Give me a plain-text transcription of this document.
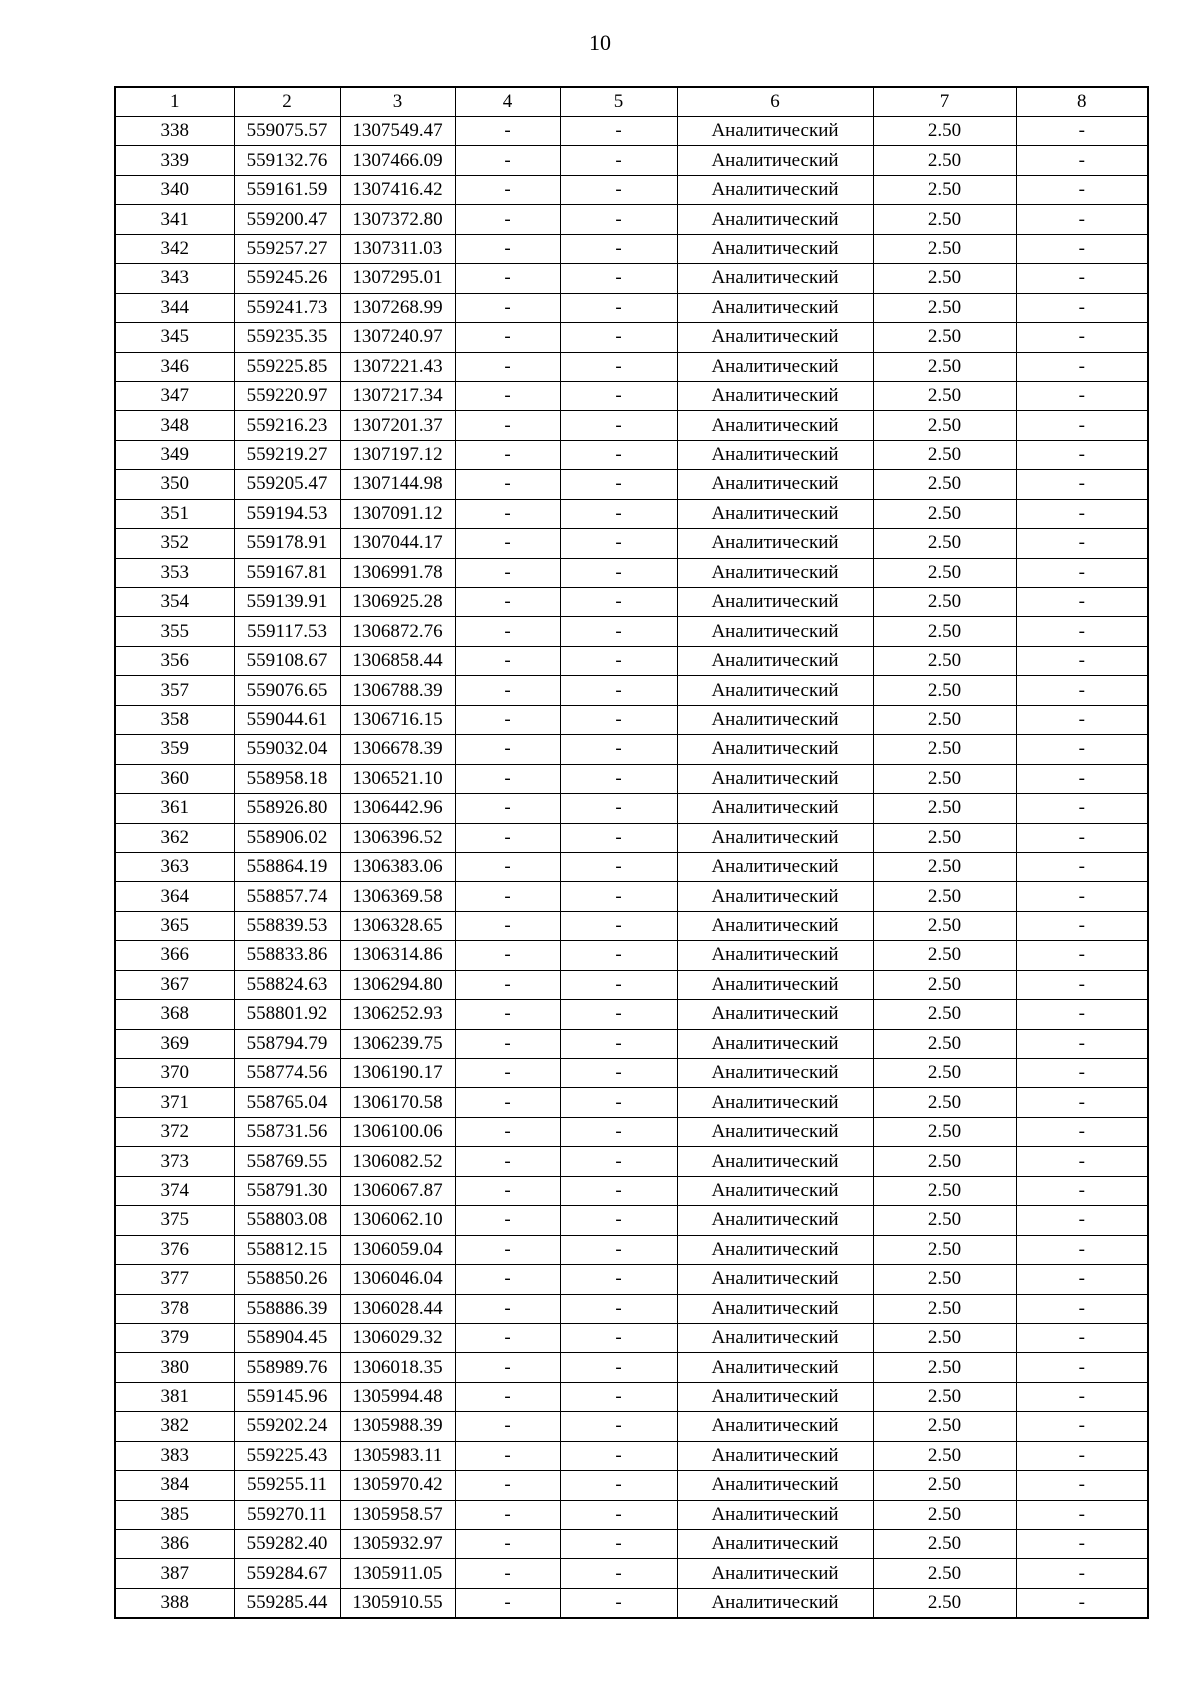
10
1	2	3	4	5	6	7	8
338	559075.57	1307549.47	-	-	Аналитический	2.50	-
339	559132.76	1307466.09	-	-	Аналитический	2.50	-
340	559161.59	1307416.42	-	-	Аналитический	2.50	-
341	559200.47	1307372.80	-	-	Аналитический	2.50	-
342	559257.27	1307311.03	-	-	Аналитический	2.50	-
343	559245.26	1307295.01	-	-	Аналитический	2.50	-
344	559241.73	1307268.99	-	-	Аналитический	2.50	-
345	559235.35	1307240.97	-	-	Аналитический	2.50	-
346	559225.85	1307221.43	-	-	Аналитический	2.50	-
347	559220.97	1307217.34	-	-	Аналитический	2.50	-
348	559216.23	1307201.37	-	-	Аналитический	2.50	-
349	559219.27	1307197.12	-	-	Аналитический	2.50	-
350	559205.47	1307144.98	-	-	Аналитический	2.50	-
351	559194.53	1307091.12	-	-	Аналитический	2.50	-
352	559178.91	1307044.17	-	-	Аналитический	2.50	-
353	559167.81	1306991.78	-	-	Аналитический	2.50	-
354	559139.91	1306925.28	-	-	Аналитический	2.50	-
355	559117.53	1306872.76	-	-	Аналитический	2.50	-
356	559108.67	1306858.44	-	-	Аналитический	2.50	-
357	559076.65	1306788.39	-	-	Аналитический	2.50	-
358	559044.61	1306716.15	-	-	Аналитический	2.50	-
359	559032.04	1306678.39	-	-	Аналитический	2.50	-
360	558958.18	1306521.10	-	-	Аналитический	2.50	-
361	558926.80	1306442.96	-	-	Аналитический	2.50	-
362	558906.02	1306396.52	-	-	Аналитический	2.50	-
363	558864.19	1306383.06	-	-	Аналитический	2.50	-
364	558857.74	1306369.58	-	-	Аналитический	2.50	-
365	558839.53	1306328.65	-	-	Аналитический	2.50	-
366	558833.86	1306314.86	-	-	Аналитический	2.50	-
367	558824.63	1306294.80	-	-	Аналитический	2.50	-
368	558801.92	1306252.93	-	-	Аналитический	2.50	-
369	558794.79	1306239.75	-	-	Аналитический	2.50	-
370	558774.56	1306190.17	-	-	Аналитический	2.50	-
371	558765.04	1306170.58	-	-	Аналитический	2.50	-
372	558731.56	1306100.06	-	-	Аналитический	2.50	-
373	558769.55	1306082.52	-	-	Аналитический	2.50	-
374	558791.30	1306067.87	-	-	Аналитический	2.50	-
375	558803.08	1306062.10	-	-	Аналитический	2.50	-
376	558812.15	1306059.04	-	-	Аналитический	2.50	-
377	558850.26	1306046.04	-	-	Аналитический	2.50	-
378	558886.39	1306028.44	-	-	Аналитический	2.50	-
379	558904.45	1306029.32	-	-	Аналитический	2.50	-
380	558989.76	1306018.35	-	-	Аналитический	2.50	-
381	559145.96	1305994.48	-	-	Аналитический	2.50	-
382	559202.24	1305988.39	-	-	Аналитический	2.50	-
383	559225.43	1305983.11	-	-	Аналитический	2.50	-
384	559255.11	1305970.42	-	-	Аналитический	2.50	-
385	559270.11	1305958.57	-	-	Аналитический	2.50	-
386	559282.40	1305932.97	-	-	Аналитический	2.50	-
387	559284.67	1305911.05	-	-	Аналитический	2.50	-
388	559285.44	1305910.55	-	-	Аналитический	2.50	-
